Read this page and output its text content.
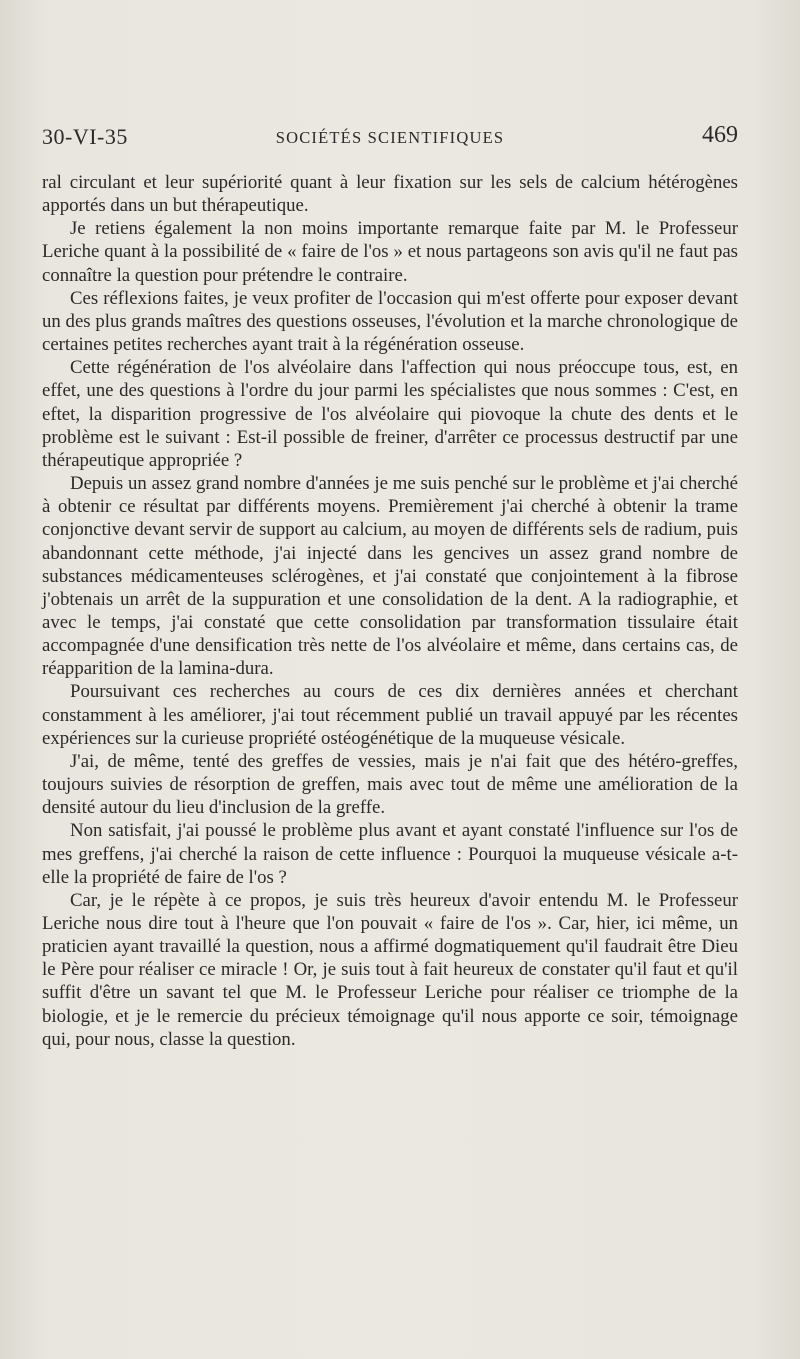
30-VI-35	SOCIÉTÉS SCIENTIFIQUES	469

ral circulant et leur supériorité quant à leur fixation sur les sels de calcium hétérogènes apportés dans un but thérapeutique.

Je retiens également la non moins importante remarque faite par M. le Professeur Leriche quant à la possibilité de « faire de l'os » et nous partageons son avis qu'il ne faut pas connaître la question pour prétendre le contraire.

Ces réflexions faites, je veux profiter de l'occasion qui m'est offerte pour exposer devant un des plus grands maîtres des questions osseuses, l'évolution et la marche chronologique de certaines petites recherches ayant trait à la régénération osseuse.

Cette régénération de l'os alvéolaire dans l'affection qui nous préoccupe tous, est, en effet, une des questions à l'ordre du jour parmi les spécialistes que nous sommes : C'est, en eftet, la disparition progressive de l'os alvéolaire qui piovoque la chute des dents et le problème est le suivant : Est-il possible de freiner, d'arrêter ce processus destructif par une thérapeutique appropriée ?

Depuis un assez grand nombre d'années je me suis penché sur le problème et j'ai cherché à obtenir ce résultat par différents moyens. Premièrement j'ai cherché à obtenir la trame conjonctive devant servir de support au calcium, au moyen de différents sels de radium, puis abandonnant cette méthode, j'ai injecté dans les gencives un assez grand nombre de substances médicamenteuses sclérogènes, et j'ai constaté que conjointement à la fibrose j'obtenais un arrêt de la suppuration et une consolidation de la dent. A la radiographie, et avec le temps, j'ai constaté que cette consolidation par transformation tissulaire était accompagnée d'une densification très nette de l'os alvéolaire et même, dans certains cas, de réapparition de la lamina-dura.

Poursuivant ces recherches au cours de ces dix dernières années et cherchant constamment à les améliorer, j'ai tout récemment publié un travail appuyé par les récentes expériences sur la curieuse propriété ostéogénétique de la muqueuse vésicale.

J'ai, de même, tenté des greffes de vessies, mais je n'ai fait que des hétéro-greffes, toujours suivies de résorption de greffen, mais avec tout de même une amélioration de la densité autour du lieu d'inclusion de la greffe.

Non satisfait, j'ai poussé le problème plus avant et ayant constaté l'influence sur l'os de mes greffens, j'ai cherché la raison de cette influence : Pourquoi la muqueuse vésicale a-t-elle la propriété de faire de l'os ?

Car, je le répète à ce propos, je suis très heureux d'avoir entendu M. le Professeur Leriche nous dire tout à l'heure que l'on pouvait « faire de l'os ». Car, hier, ici même, un praticien ayant travaillé la question, nous a affirmé dogmatiquement qu'il faudrait être Dieu le Père pour réaliser ce miracle ! Or, je suis tout à fait heureux de constater qu'il faut et qu'il suffit d'être un savant tel que M. le Professeur Leriche pour réaliser ce triomphe de la biologie, et je le remercie du précieux témoignage qu'il nous apporte ce soir, témoignage qui, pour nous, classe la question.
